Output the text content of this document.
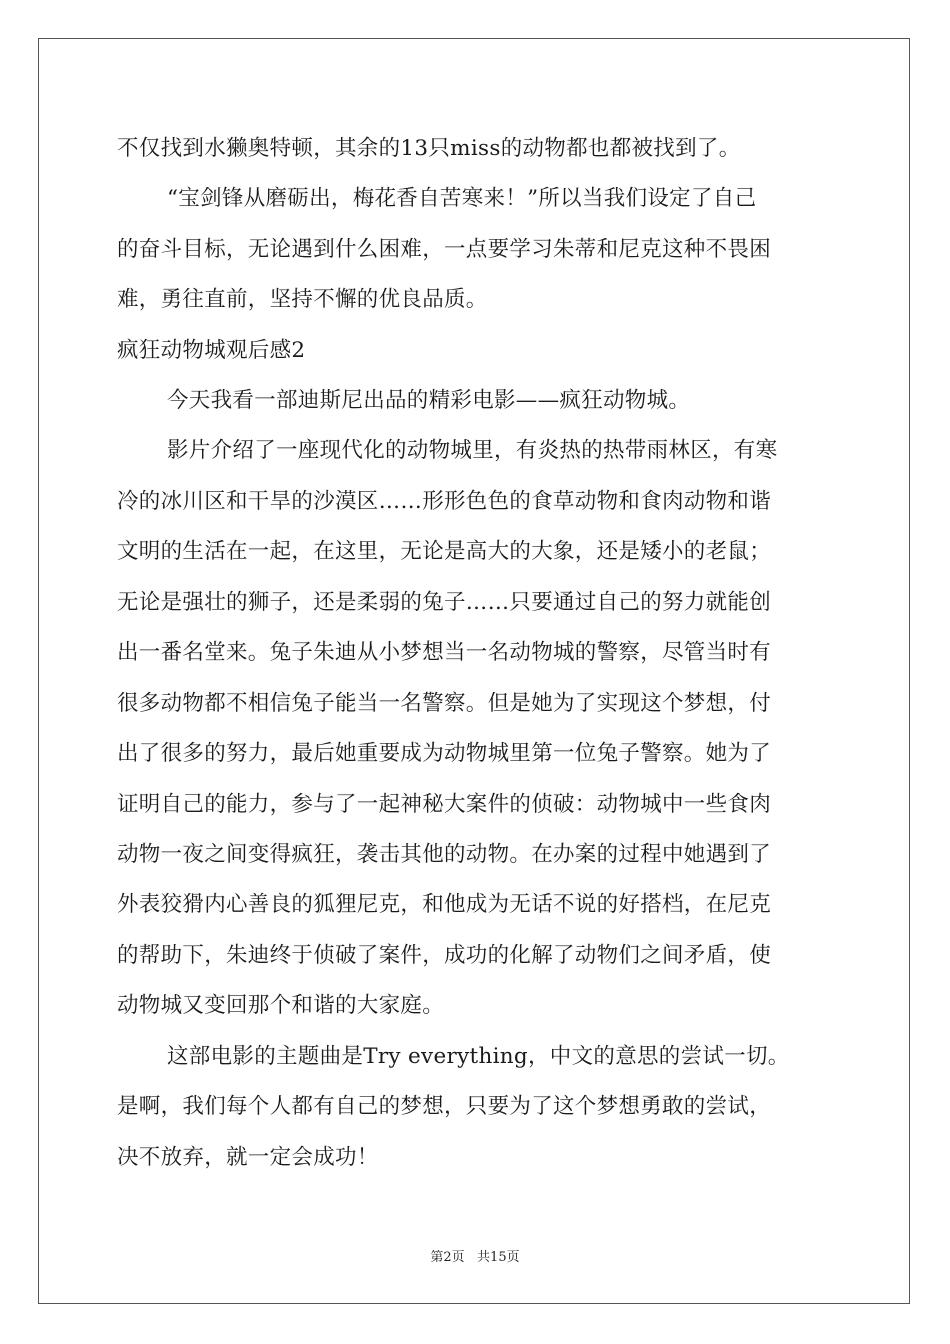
不仅找到水獭奥特顿，其余的13只miss的动物都也都被找到了。
“宝剑锋从磨砺出，梅花香自苦寒来！”所以当我们设定了自己
的奋斗目标，无论遇到什么困难，一点要学习朱蒂和尼克这种不畏困
难，勇往直前，坚持不懈的优良品质。
疯狂动物城观后感2
今天我看一部迪斯尼出品的精彩电影——疯狂动物城。
影片介绍了一座现代化的动物城里，有炎热的热带雨林区，有寒
冷的冰川区和干旱的沙漠区……形形色色的食草动物和食肉动物和谐
文明的生活在一起，在这里，无论是高大的大象，还是矮小的老鼠；
无论是强壮的狮子，还是柔弱的兔子……只要通过自己的努力就能创
出一番名堂来。兔子朱迪从小梦想当一名动物城的警察，尽管当时有
很多动物都不相信兔子能当一名警察。但是她为了实现这个梦想，付
出了很多的努力，最后她重要成为动物城里第一位兔子警察。她为了
证明自己的能力，参与了一起神秘大案件的侦破：动物城中一些食肉
动物一夜之间变得疯狂，袭击其他的动物。在办案的过程中她遇到了
外表狡猾内心善良的狐狸尼克，和他成为无话不说的好搭档，在尼克
的帮助下，朱迪终于侦破了案件，成功的化解了动物们之间矛盾，使
动物城又变回那个和谐的大家庭。
这部电影的主题曲是Try everything，中文的意思的尝试一切。
是啊，我们每个人都有自己的梦想，只要为了这个梦想勇敢的尝试，
决不放弃，就一定会成功！
第2页   共15页
